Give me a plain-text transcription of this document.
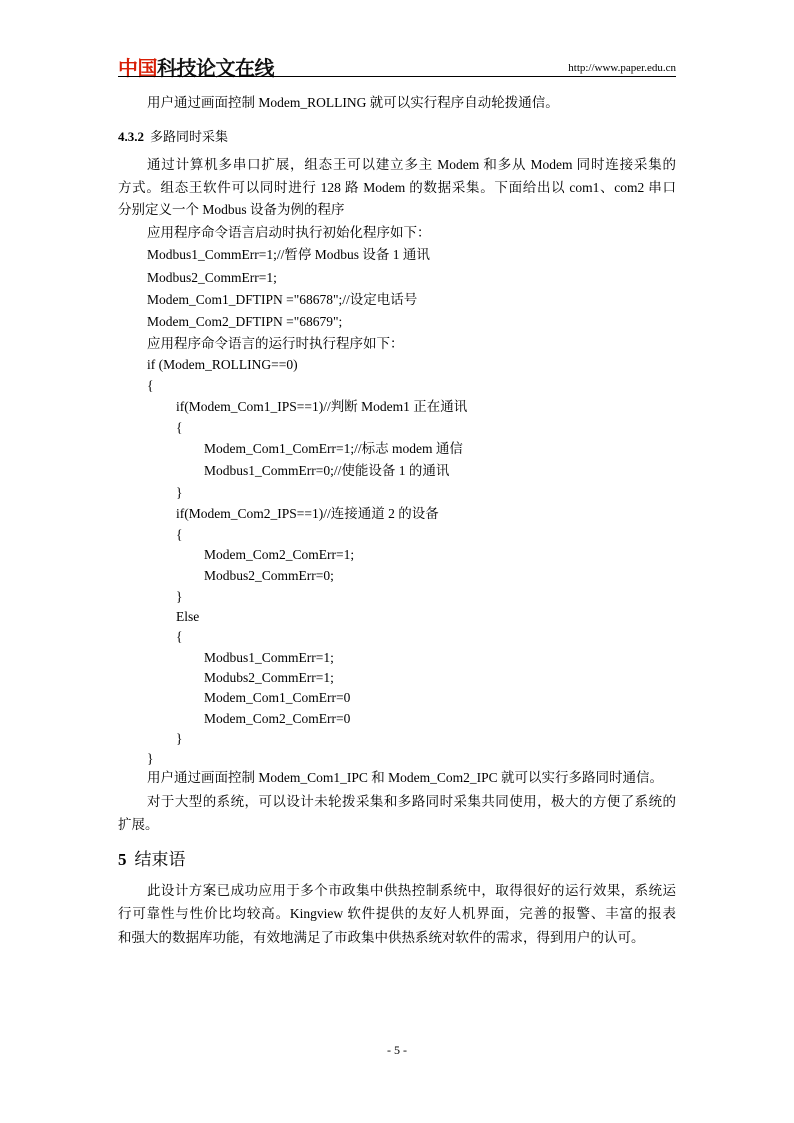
中国科技论文在线	http://www.paper.edu.cn
用户通过画面控制 Modem_ROLLING 就可以实行程序自动轮拨通信。
4.3.2 多路同时采集
通过计算机多串口扩展，组态王可以建立多主 Modem 和多从 Modem 同时连接采集的
方式。组态王软件可以同时进行 128 路 Modem 的数据采集。下面给出以 com1、com2 串口
分别定义一个 Modbus 设备为例的程序
应用程序命令语言启动时执行初始化程序如下：
Modbus1_CommErr=1;//暂停 Modbus 设备 1 通讯
Modbus2_CommErr=1;
Modem_Com1_DFTIPN ="68678";//设定电话号
Modem_Com2_DFTIPN ="68679";
应用程序命令语言的运行时执行程序如下：
if (Modem_ROLLING==0)
{
if(Modem_Com1_IPS==1)//判断 Modem1 正在通讯
{
Modem_Com1_ComErr=1;//标志 modem 通信
Modbus1_CommErr=0;//使能设备 1 的通讯
}
if(Modem_Com2_IPS==1)//连接通道 2 的设备
{
Modem_Com2_ComErr=1;
Modbus2_CommErr=0;
}
Else
{
Modbus1_CommErr=1;
Modubs2_CommErr=1;
Modem_Com1_ComErr=0
Modem_Com2_ComErr=0
}
}
用户通过画面控制 Modem_Com1_IPC 和 Modem_Com2_IPC 就可以实行多路同时通信。
对于大型的系统，可以设计未轮拨采集和多路同时采集共同使用，极大的方便了系统的
扩展。
5 结束语
此设计方案已成功应用于多个市政集中供热控制系统中，取得很好的运行效果，系统运
行可靠性与性价比均较高。Kingview 软件提供的友好人机界面，完善的报警、丰富的报表
和强大的数据库功能，有效地满足了市政集中供热系统对软件的需求，得到用户的认可。
- 5 -
